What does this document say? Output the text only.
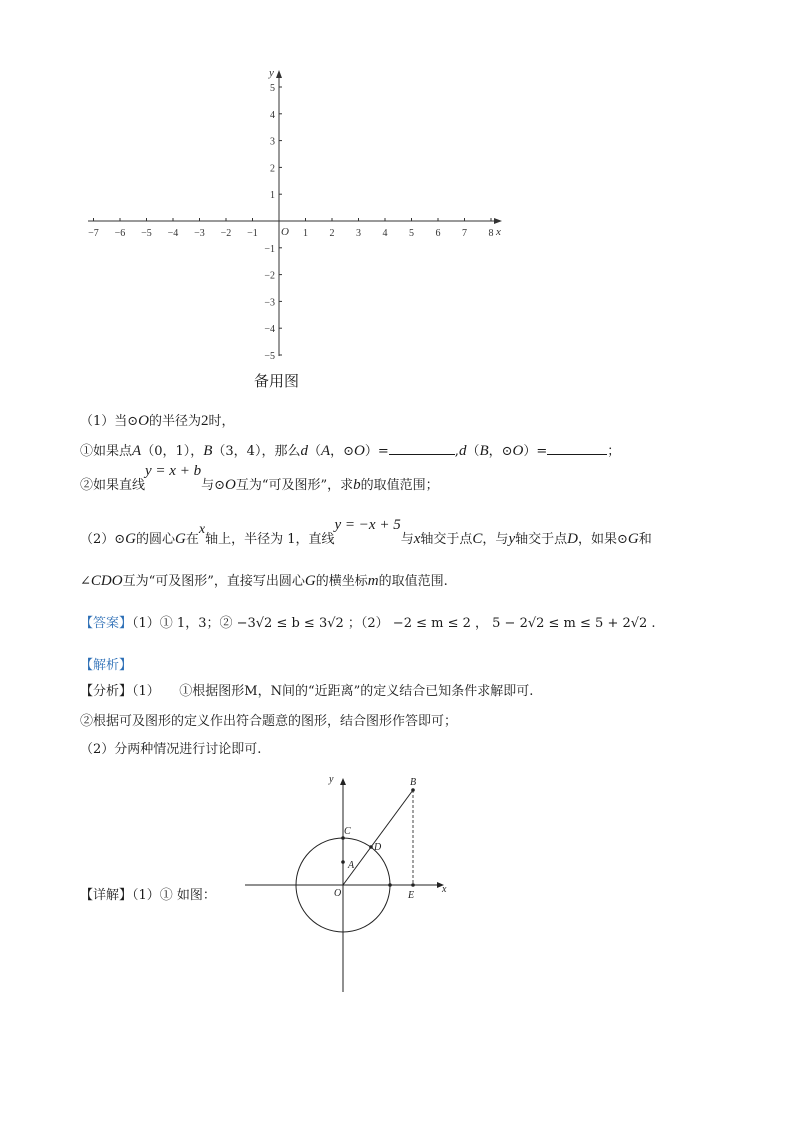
−7 −6 −5 −4 −3 −2 −1	1 2 3 4 5 6 7 8
1
2
3
4
5
−1
−2
−3
−4
−5
x
y
O
备用图
（1）当⊙O的半径为2时，
①如果点A（0，1），B（3，4），那么d（A，⊙O）=	,d（B，⊙O）=	；
②如果直线y = x + b与⊙O互为“可及图形”，求b的取值范围；
（2）⊙G的圆心G在x轴上，半径为 1，直线y = −x + 5与x轴交于点C，与y轴交于点D，如果⊙G和
∠CDO互为“可及图形”，直接写出圆心G的横坐标m的取值范围.
【答案】（1）① 1，3；② −3√2 ≤ b ≤ 3√2 ；（2） −2 ≤ m ≤ 2 ， 5 − 2√2 ≤ m ≤ 5 + 2√2 .
【解析】
【分析】（1）　　①根据图形M，N间的“近距离”的定义结合已知条件求解即可.
②根据可及图形的定义作出符合题意的图形，结合图形作答即可；
（2）分两种情况进行讨论即可.
【详解】（1）① 如图：
y
x
B
C
D
A
O	E
